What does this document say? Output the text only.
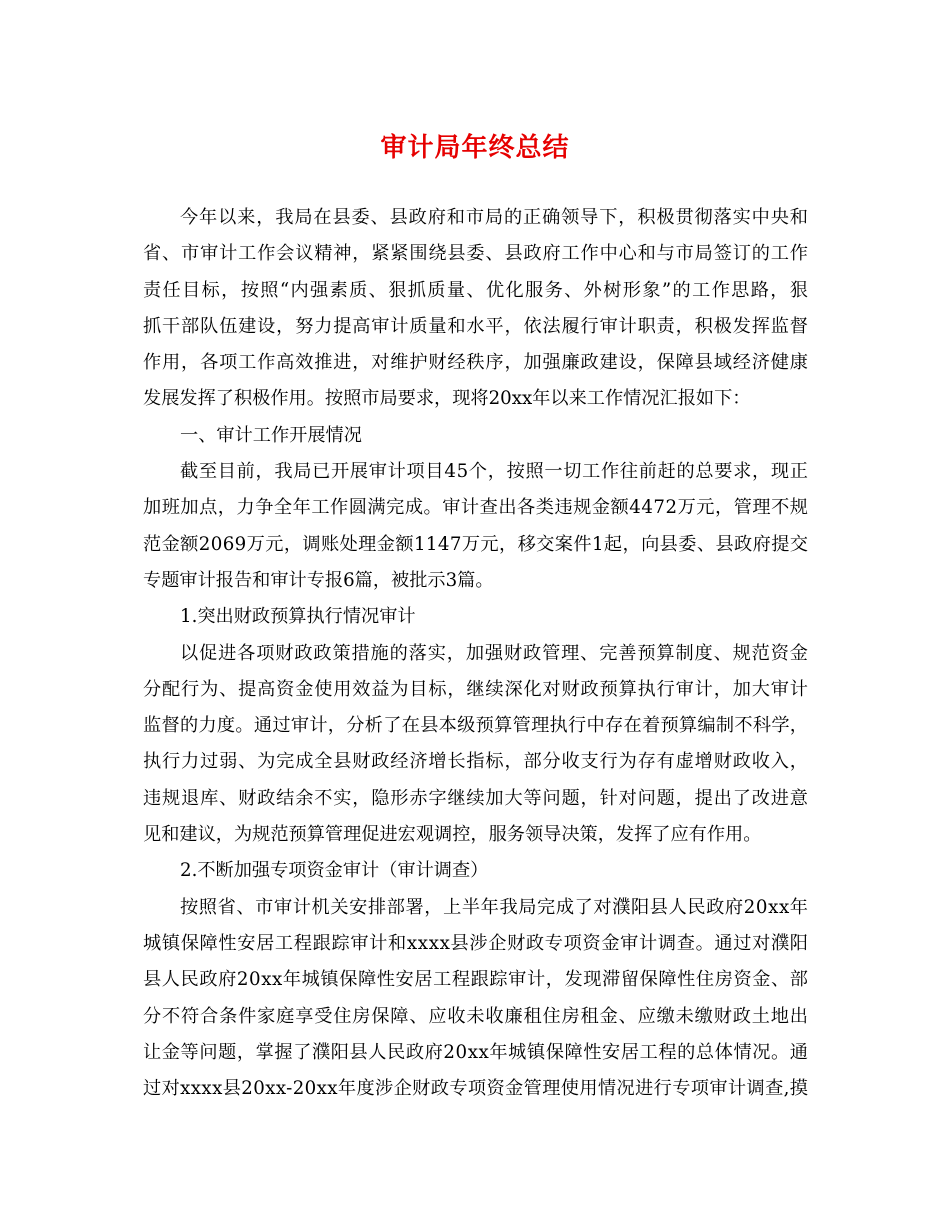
审计局年终总结
今年以来，我局在县委、县政府和市局的正确领导下，积极贯彻落实中央和
省、市审计工作会议精神，紧紧围绕县委、县政府工作中心和与市局签订的工作
责任目标，按照“内强素质、狠抓质量、优化服务、外树形象”的工作思路，狠
抓干部队伍建设，努力提高审计质量和水平，依法履行审计职责，积极发挥监督
作用，各项工作高效推进，对维护财经秩序，加强廉政建设，保障县域经济健康
发展发挥了积极作用。按照市局要求，现将20xx年以来工作情况汇报如下：
一、审计工作开展情况
截至目前，我局已开展审计项目45个，按照一切工作往前赶的总要求，现正
加班加点，力争全年工作圆满完成。审计查出各类违规金额4472万元，管理不规
范金额2069万元，调账处理金额1147万元，移交案件1起，向县委、县政府提交
专题审计报告和审计专报6篇，被批示3篇。
1.突出财政预算执行情况审计
以促进各项财政政策措施的落实，加强财政管理、完善预算制度、规范资金
分配行为、提高资金使用效益为目标，继续深化对财政预算执行审计，加大审计
监督的力度。通过审计，分析了在县本级预算管理执行中存在着预算编制不科学，
执行力过弱、为完成全县财政经济增长指标，部分收支行为存有虚增财政收入，
违规退库、财政结余不实，隐形赤字继续加大等问题，针对问题，提出了改进意
见和建议，为规范预算管理促进宏观调控，服务领导决策，发挥了应有作用。
2.不断加强专项资金审计（审计调查）
按照省、市审计机关安排部署，上半年我局完成了对濮阳县人民政府20xx年
城镇保障性安居工程跟踪审计和xxxx县涉企财政专项资金审计调查。通过对濮阳
县人民政府20xx年城镇保障性安居工程跟踪审计，发现滞留保障性住房资金、部
分不符合条件家庭享受住房保障、应收未收廉租住房租金、应缴未缴财政土地出
让金等问题，掌握了濮阳县人民政府20xx年城镇保障性安居工程的总体情况。通
过对xxxx县20xx-20xx年度涉企财政专项资金管理使用情况进行专项审计调查,摸
